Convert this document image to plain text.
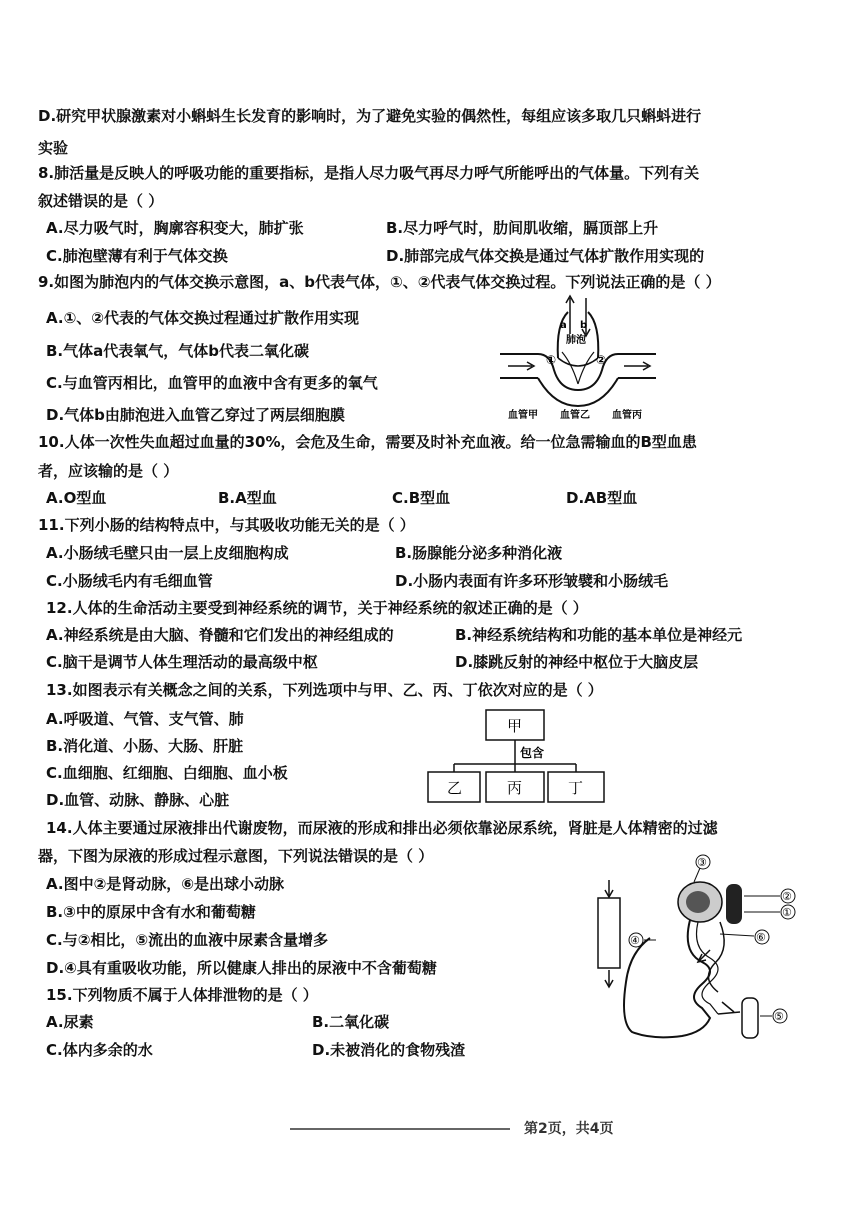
D.研究甲状腺激素对小蝌蚪生长发育的影响时，为了避免实验的偶然性，每组应该多取几只蝌蚪进行
实验
8.肺活量是反映人的呼吸功能的重要指标，是指人尽力吸气再尽力呼气所能呼出的气体量。下列有关
叙述错误的是（ ）
A.尽力吸气时，胸廓容积变大，肺扩张	B.尽力呼气时，肋间肌收缩，膈顶部上升
C.肺泡壁薄有利于气体交换	D.肺部完成气体交换是通过气体扩散作用实现的
9.如图为肺泡内的气体交换示意图，a、b代表气体，①、②代表气体交换过程。下列说法正确的是（ ）
A.①、②代表的气体交换过程通过扩散作用实现
B.气体a代表氧气，气体b代表二氧化碳
C.与血管丙相比，血管甲的血液中含有更多的氧气
D.气体b由肺泡进入血管乙穿过了两层细胞膜
a b
肺泡
①	②
血管甲 血管乙 血管丙
10.人体一次性失血超过血量的30%，会危及生命，需要及时补充血液。给一位急需输血的B型血患
者，应该输的是（ ）
A.O型血	B.A型血	C.B型血	D.AB型血
11.下列小肠的结构特点中，与其吸收功能无关的是（ ）
A.小肠绒毛壁只由一层上皮细胞构成	B.肠腺能分泌多种消化液
C.小肠绒毛内有毛细血管	D.小肠内表面有许多环形皱襞和小肠绒毛
12.人体的生命活动主要受到神经系统的调节，关于神经系统的叙述正确的是（ ）
A.神经系统是由大脑、脊髓和它们发出的神经组成的	B.神经系统结构和功能的基本单位是神经元
C.脑干是调节人体生理活动的最高级中枢	D.膝跳反射的神经中枢位于大脑皮层
13.如图表示有关概念之间的关系，下列选项中与甲、乙、丙、丁依次对应的是（ ）
A.呼吸道、气管、支气管、肺
B.消化道、小肠、大肠、肝脏
C.血细胞、红细胞、白细胞、血小板
D.血管、动脉、静脉、心脏
甲
包含
乙	丙	丁
14.人体主要通过尿液排出代谢废物，而尿液的形成和排出必须依靠泌尿系统，肾脏是人体精密的过滤
器，下图为尿液的形成过程示意图，下列说法错误的是（ ）
A.图中②是肾动脉，⑥是出球小动脉
B.③中的原尿中含有水和葡萄糖
C.与②相比，⑤流出的血液中尿素含量增多
D.④具有重吸收功能，所以健康人排出的尿液中不含葡萄糖
③
②
①
⑥
④
⑤
15.下列物质不属于人体排泄物的是（ ）
A.尿素	B.二氧化碳
C.体内多余的水	D.未被消化的食物残渣
第2页，共4页
